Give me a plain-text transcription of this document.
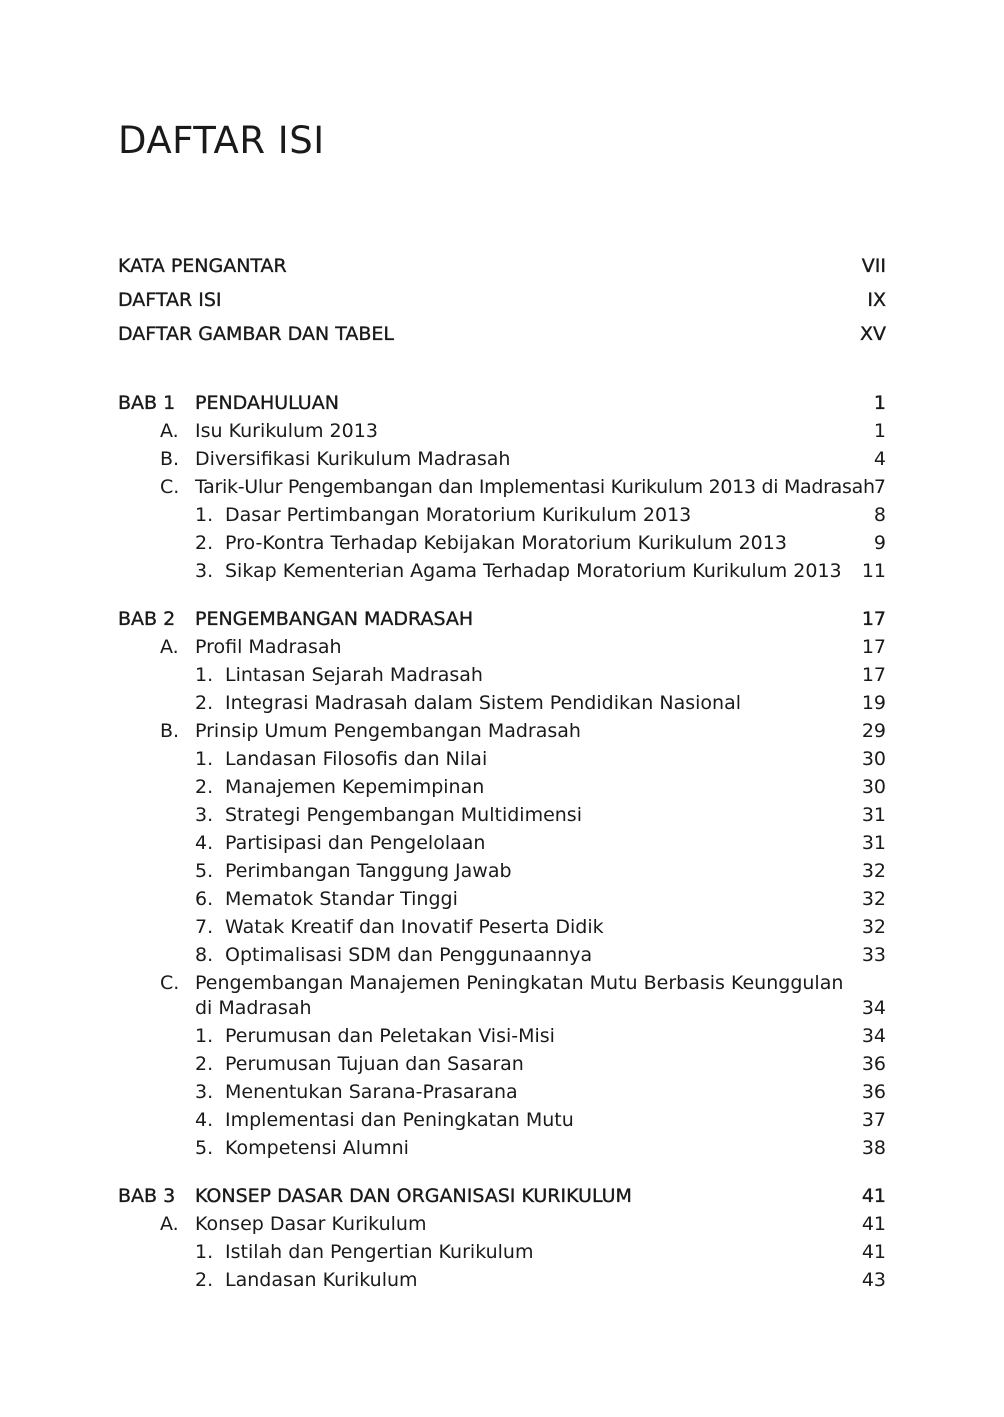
DAFTAR ISI
KATA PENGANTAR	VII
DAFTAR ISI	IX
DAFTAR GAMBAR DAN TABEL	XV
BAB 1 PENDAHULUAN	1
A. Isu Kurikulum 2013	1
B. Diversifikasi Kurikulum Madrasah	4
C. Tarik-Ulur Pengembangan dan Implementasi Kurikulum 2013 di Madrasah 7
1. Dasar Pertimbangan Moratorium Kurikulum 2013	8
2. Pro-Kontra Terhadap Kebijakan Moratorium Kurikulum 2013	9
3. Sikap Kementerian Agama Terhadap Moratorium Kurikulum 2013 11
BAB 2 PENGEMBANGAN MADRASAH	17
A. Profil Madrasah	17
1. Lintasan Sejarah Madrasah	17
2. Integrasi Madrasah dalam Sistem Pendidikan Nasional	19
B. Prinsip Umum Pengembangan Madrasah	29
1. Landasan Filosofis dan Nilai	30
2. Manajemen Kepemimpinan	30
3. Strategi Pengembangan Multidimensi	31
4. Partisipasi dan Pengelolaan	31
5. Perimbangan Tanggung Jawab	32
6. Mematok Standar Tinggi	32
7. Watak Kreatif dan Inovatif Peserta Didik	32
8. Optimalisasi SDM dan Penggunaannya	33
C. Pengembangan Manajemen Peningkatan Mutu Berbasis Keunggulan
di Madrasah	34
1. Perumusan dan Peletakan Visi-Misi	34
2. Perumusan Tujuan dan Sasaran	36
3. Menentukan Sarana-Prasarana	36
4. Implementasi dan Peningkatan Mutu	37
5. Kompetensi Alumni	38
BAB 3 KONSEP DASAR DAN ORGANISASI KURIKULUM	41
A. Konsep Dasar Kurikulum	41
1. Istilah dan Pengertian Kurikulum	41
2. Landasan Kurikulum	43
